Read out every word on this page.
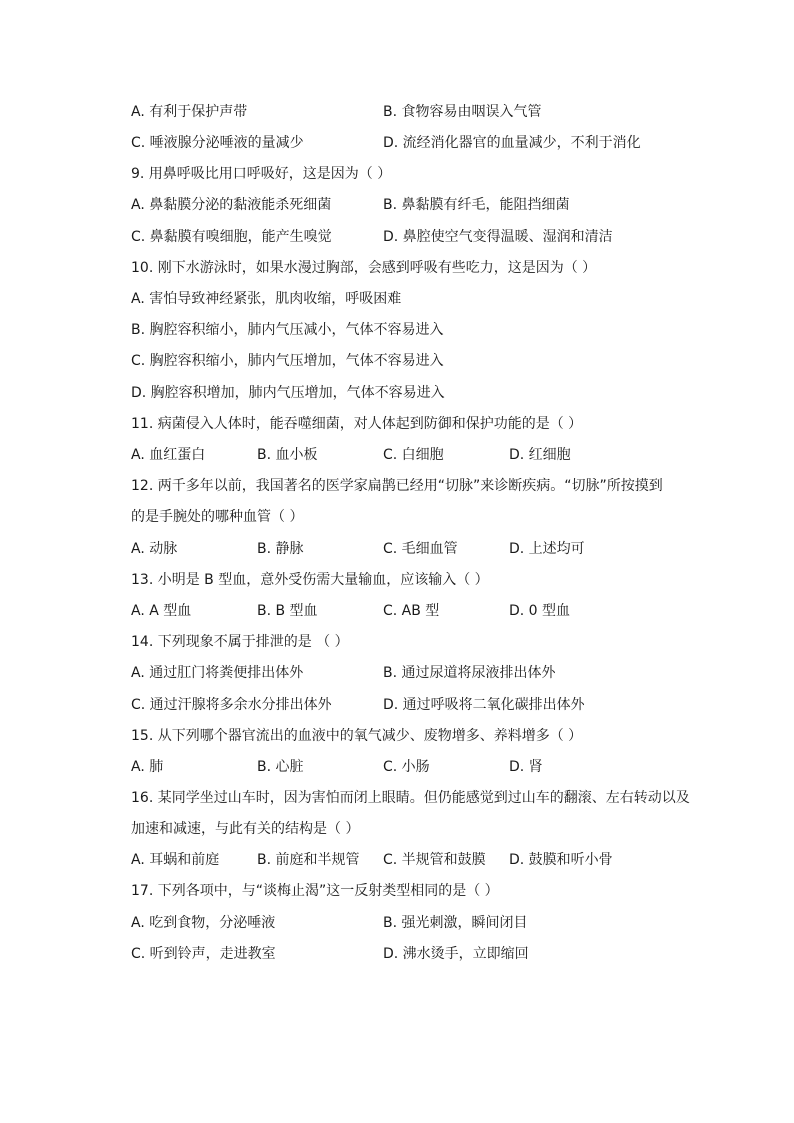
A. 有利于保护声带	B. 食物容易由咽误入气管
C. 唾液腺分泌唾液的量减少	D. 流经消化器官的血量减少，不利于消化
9. 用鼻呼吸比用口呼吸好，这是因为（ ）
A. 鼻黏膜分泌的黏液能杀死细菌	B. 鼻黏膜有纤毛，能阻挡细菌
C. 鼻黏膜有嗅细胞，能产生嗅觉	D. 鼻腔使空气变得温暖、湿润和清洁
10. 刚下水游泳时，如果水漫过胸部，会感到呼吸有些吃力，这是因为（ ）
A. 害怕导致神经紧张，肌肉收缩，呼吸困难
B. 胸腔容积缩小，肺内气压减小，气体不容易进入
C. 胸腔容积缩小，肺内气压增加，气体不容易进入
D. 胸腔容积增加，肺内气压增加，气体不容易进入
11. 病菌侵入人体时，能吞噬细菌，对人体起到防御和保护功能的是（ ）
A. 血红蛋白	B. 血小板	C. 白细胞	D. 红细胞
12. 两千多年以前，我国著名的医学家扁鹊已经用“切脉”来诊断疾病。“切脉”所按摸到
的是手腕处的哪种血管（ ）
A. 动脉	B. 静脉	C. 毛细血管	D. 上述均可
13. 小明是 B 型血，意外受伤需大量输血，应该输入（ ）
A. A 型血	B. B 型血	C. AB 型	D. 0 型血
14. 下列现象不属于排泄的是 （ ）
A. 通过肛门将粪便排出体外	B. 通过尿道将尿液排出体外
C. 通过汗腺将多余水分排出体外	D. 通过呼吸将二氧化碳排出体外
15. 从下列哪个器官流出的血液中的氧气减少、废物增多、养料增多（ ）
A. 肺	B. 心脏	C. 小肠	D. 肾
16. 某同学坐过山车时，因为害怕而闭上眼睛。但仍能感觉到过山车的翻滚、左右转动以及
加速和减速，与此有关的结构是（ ）
A. 耳蜗和前庭	B. 前庭和半规管 C. 半规管和鼓膜 D. 鼓膜和听小骨
17. 下列各项中，与“谈梅止渴”这一反射类型相同的是（ ）
A. 吃到食物，分泌唾液	B. 强光刺激，瞬间闭目
C. 听到铃声，走进教室	D. 沸水烫手，立即缩回
